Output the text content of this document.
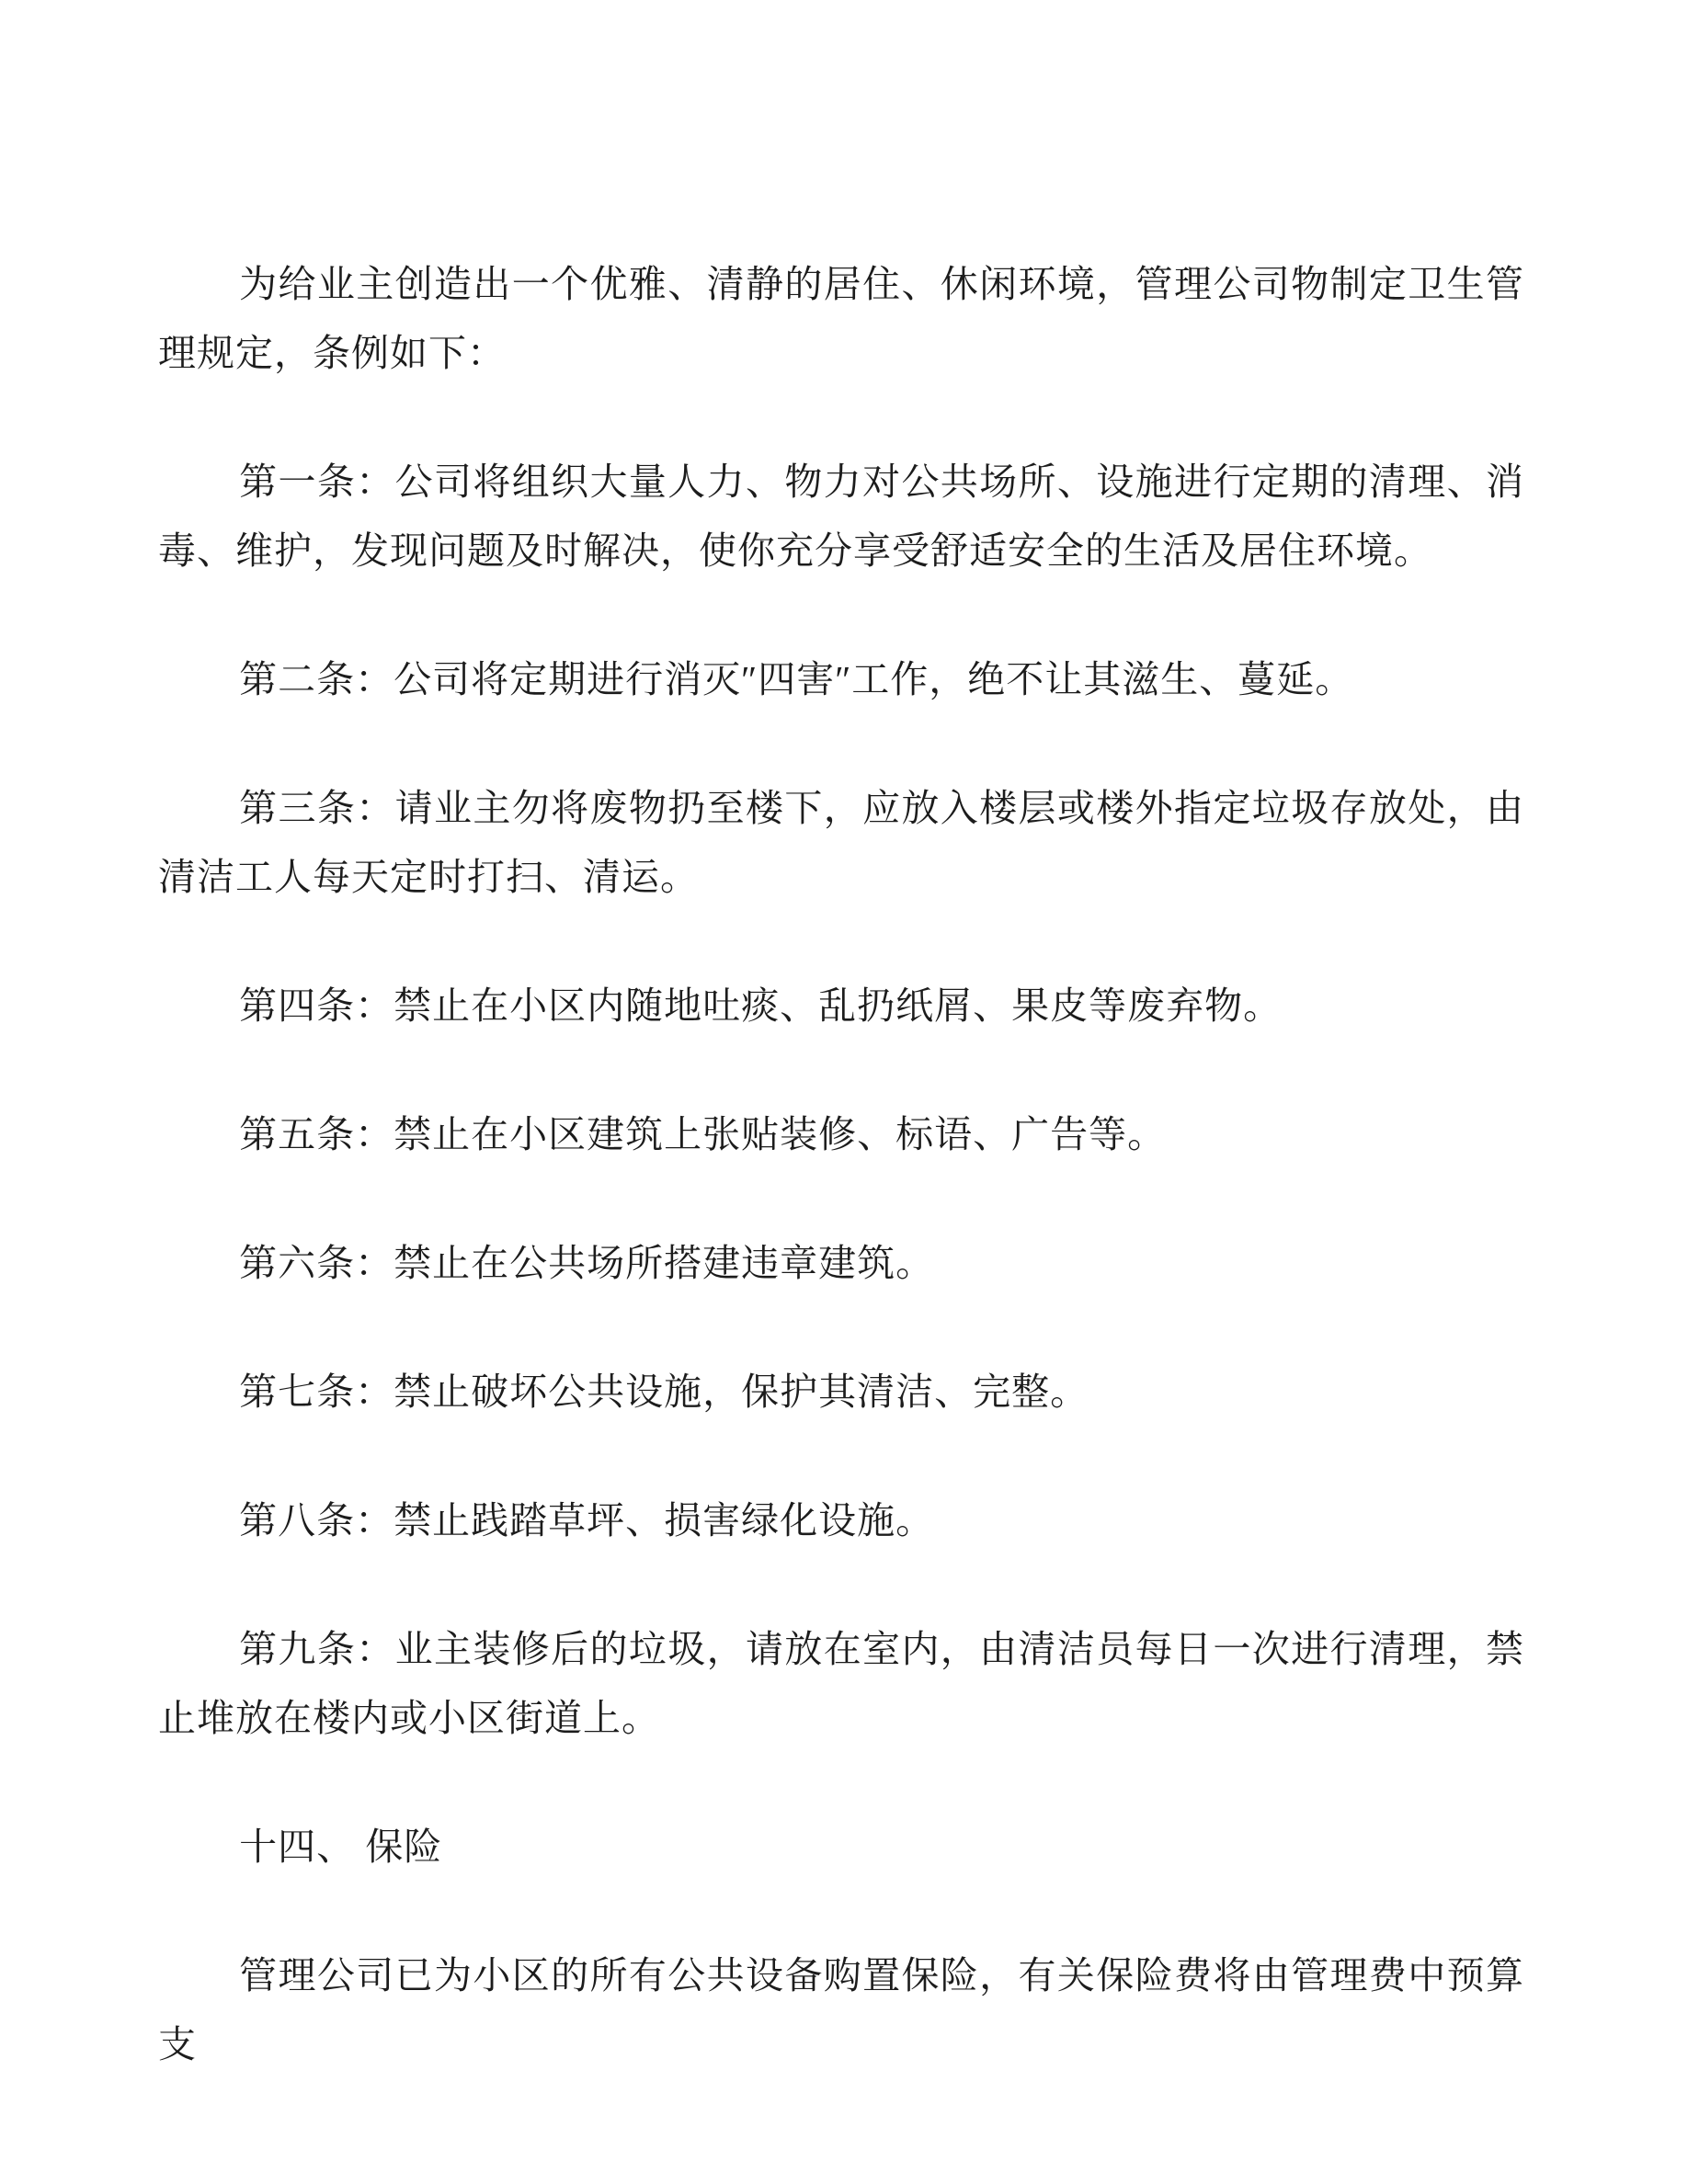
为给业主创造出一个优雅、清静的居住、休闲环境，管理公司物制定卫生管理规定，条例如下：

第一条：公司将组织大量人力、物力对公共场所、设施进行定期的清理、消毒、维护，发现问题及时解决，使你充分享受舒适安全的生活及居住环境。

第二条：公司将定期进行消灭″四害″工作，绝不让其滋生、蔓延。

第三条：请业主勿将废物扔至楼下，应放入楼层或楼外指定垃圾存放处，由清洁工人每天定时打扫、清运。

第四条：禁止在小区内随地吐痰、乱扔纸屑、果皮等废弃物。

第五条：禁止在小区建筑上张贴装修、标语、广告等。

第六条：禁止在公共场所搭建违章建筑。

第七条：禁止破坏公共设施，保护其清洁、完整。

第八条：禁止践踏草坪、损害绿化设施。

第九条：业主装修后的垃圾，请放在室内，由清洁员每日一次进行清理，禁止堆放在楼内或小区街道上。

十四、 保险

管理公司已为小区的所有公共设备购置保险，有关保险费将由管理费中预算支
